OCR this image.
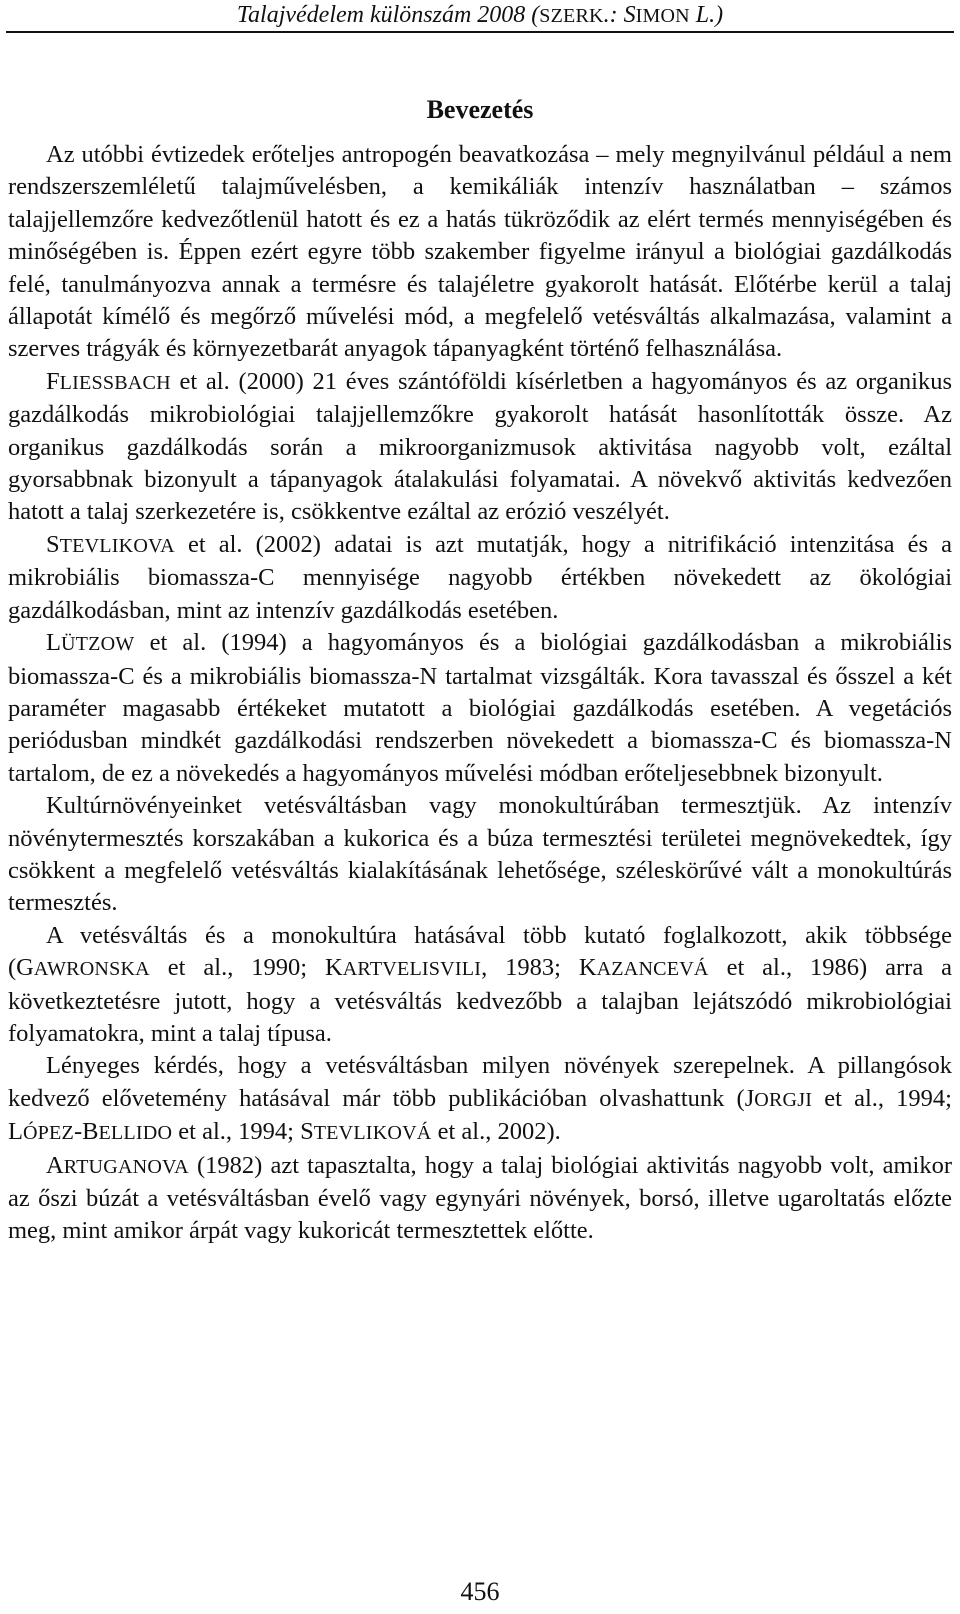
Talajvédelem különszám 2008 (SZERK.: SIMON L.)
Bevezetés

Az utóbbi évtizedek erőteljes antropogén beavatkozása – mely megnyilvánul például a nem rendszerszemléletű talajművelésben, a kemikáliák intenzív használatban – számos talajjellemzőre kedvezőtlenül hatott és ez a hatás tükröződik az elért termés mennyiségében és minőségében is. Éppen ezért egyre több szakember figyelme irányul a biológiai gazdálkodás felé, tanulmányozva annak a termésre és talajéletre gyakorolt hatását. Előtérbe kerül a talaj állapotát kímélő és megőrző művelési mód, a megfelelő vetésváltás alkalmazása, valamint a szerves trágyák és környezetbarát anyagok tápanyagként történő felhasználása.

FLIESSBACH et al. (2000) 21 éves szántóföldi kísérletben a hagyományos és az organikus gazdálkodás mikrobiológiai talajjellemzőkre gyakorolt hatását hasonlították össze. Az organikus gazdálkodás során a mikroorganizmusok aktivitása nagyobb volt, ezáltal gyorsabbnak bizonyult a tápanyagok átalakulási folyamatai. A növekvő aktivitás kedvezően hatott a talaj szerkezetére is, csökkentve ezáltal az erózió veszélyét.

STEVLIKOVA et al. (2002) adatai is azt mutatják, hogy a nitrifikáció intenzitása és a mikrobiális biomassza-C mennyisége nagyobb értékben növekedett az ökológiai gazdálkodásban, mint az intenzív gazdálkodás esetében.

LÜTZOW et al. (1994) a hagyományos és a biológiai gazdálkodásban a mikrobiális biomassza-C és a mikrobiális biomassza-N tartalmat vizsgálták. Kora tavasszal és ősszel a két paraméter magasabb értékeket mutatott a biológiai gazdálkodás esetében. A vegetációs periódusban mindkét gazdálkodási rendszerben növekedett a biomassza-C és biomassza-N tartalom, de ez a növekedés a hagyományos művelési módban erőteljesebbnek bizonyult.

Kultúrnövényeinket vetésváltásban vagy monokultúrában termesztjük. Az intenzív növénytermesztés korszakában a kukorica és a búza termesztési területei megnövekedtek, így csökkent a megfelelő vetésváltás kialakításának lehetősége, széleskörűvé vált a monokultúrás termesztés.

A vetésváltás és a monokultúra hatásával több kutató foglalkozott, akik többsége (GAWRONSKA et al., 1990; KARTVELISVILI, 1983; KAZANCEVÁ et al., 1986) arra a következtetésre jutott, hogy a vetésváltás kedvezőbb a talajban lejátszódó mikrobiológiai folyamatokra, mint a talaj típusa.

Lényeges kérdés, hogy a vetésváltásban milyen növények szerepelnek. A pillangósok kedvező elővetemény hatásával már több publikációban olvashattunk (JORGJI et al., 1994; LÓPEZ-BELLIDO et al., 1994; STEVLIKOVÁ et al., 2002).

ARTUGANOVA (1982) azt tapasztalta, hogy a talaj biológiai aktivitás nagyobb volt, amikor az őszi búzát a vetésváltásban évelő vagy egynyári növények, borsó, illetve ugaroltatás előzte meg, mint amikor árpát vagy kukoricát termesztettek előtte.

456
